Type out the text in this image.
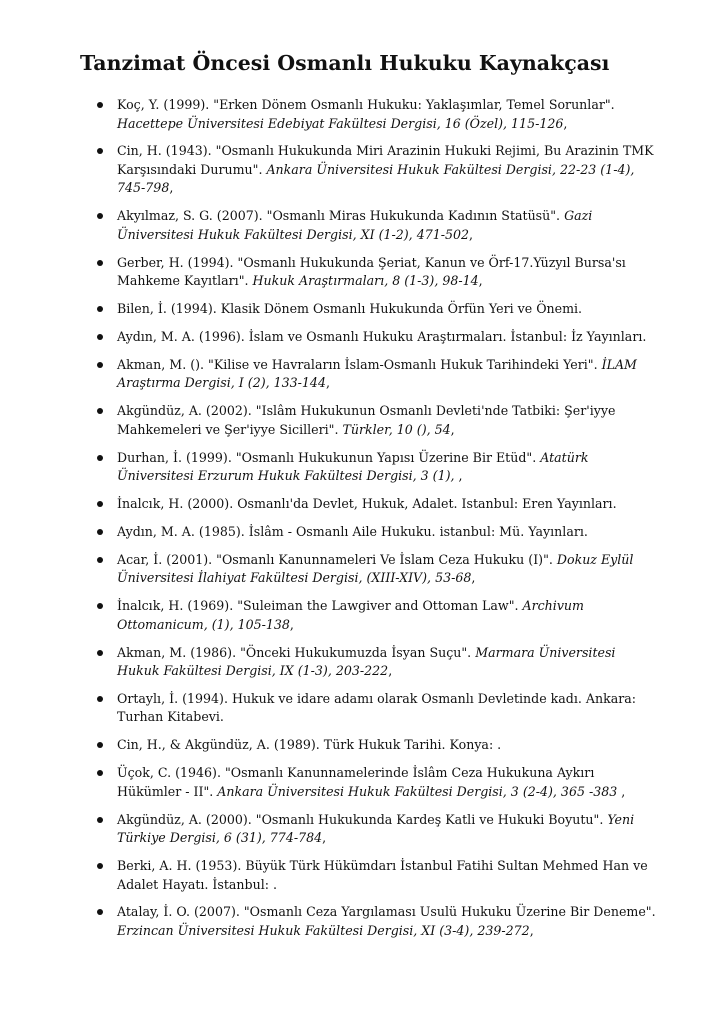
Tanzimat Öncesi Osmanlı Hukuku Kaynakçası
Koç, Y. (1999). "Erken Dönem Osmanlı Hukuku: Yaklaşımlar, Temel Sorunlar". Hacettepe Üniversitesi Edebiyat Fakültesi Dergisi, 16 (Özel), 115-126,
Cin, H. (1943). "Osmanlı Hukukunda Miri Arazinin Hukuki Rejimi, Bu Arazinin TMK Karşısındaki Durumu". Ankara Üniversitesi Hukuk Fakültesi Dergisi, 22-23 (1-4), 745-798,
Akyılmaz, S. G. (2007). "Osmanlı Miras Hukukunda Kadının Statüsü". Gazi Üniversitesi Hukuk Fakültesi Dergisi, XI (1-2), 471-502,
Gerber, H. (1994). "Osmanlı Hukukunda Şeriat, Kanun ve Örf-17.Yüzyıl Bursa'sı Mahkeme Kayıtları". Hukuk Araştırmaları, 8 (1-3), 98-14,
Bilen, İ. (1994). Klasik Dönem Osmanlı Hukukunda Örfün Yeri ve Önemi.
Aydın, M. A. (1996). İslam ve Osmanlı Hukuku Araştırmaları. İstanbul: İz Yayınları.
Akman, M. (). "Kilise ve Havraların İslam-Osmanlı Hukuk Tarihindeki Yeri". İLAM Araştırma Dergisi, I (2), 133-144,
Akgündüz, A. (2002). "Islâm Hukukunun Osmanlı Devleti'nde Tatbiki: Şer'iyye Mahkemeleri ve Şer'iyye Sicilleri". Türkler, 10 (), 54,
Durhan, İ. (1999). "Osmanlı Hukukunun Yapısı Üzerine Bir Etüd". Atatürk Üniversitesi Erzurum Hukuk Fakültesi Dergisi, 3 (1), ,
İnalcık, H. (2000). Osmanlı'da Devlet, Hukuk, Adalet. Istanbul: Eren Yayınları.
Aydın, M. A. (1985). İslâm - Osmanlı Aile Hukuku. istanbul: Mü. Yayınları.
Acar, İ. (2001). "Osmanlı Kanunnameleri Ve İslam Ceza Hukuku (I)". Dokuz Eylül Üniversitesi İlahiyat Fakültesi Dergisi, (XIII-XIV), 53-68,
İnalcık, H. (1969). "Suleiman the Lawgiver and Ottoman Law". Archivum Ottomanicum, (1), 105-138,
Akman, M. (1986). "Önceki Hukukumuzda İsyan Suçu". Marmara Üniversitesi Hukuk Fakültesi Dergisi, IX (1-3), 203-222,
Ortaylı, İ. (1994). Hukuk ve idare adamı olarak Osmanlı Devletinde kadı. Ankara: Turhan Kitabevi.
Cin, H., & Akgündüz, A. (1989). Türk Hukuk Tarihi. Konya: .
Üçok, C. (1946). "Osmanlı Kanunnamelerinde İslâm Ceza Hukukuna Aykırı Hükümler - II". Ankara Üniversitesi Hukuk Fakültesi Dergisi, 3 (2-4), 365 -383 ,
Akgündüz, A. (2000). "Osmanlı Hukukunda Kardeş Katli ve Hukuki Boyutu". Yeni Türkiye Dergisi, 6 (31), 774-784,
Berki, A. H. (1953). Büyük Türk Hükümdarı İstanbul Fatihi Sultan Mehmed Han ve Adalet Hayatı. İstanbul: .
Atalay, İ. O. (2007). "Osmanlı Ceza Yargılaması Usulü Hukuku Üzerine Bir Deneme". Erzincan Üniversitesi Hukuk Fakültesi Dergisi, XI (3-4), 239-272,
